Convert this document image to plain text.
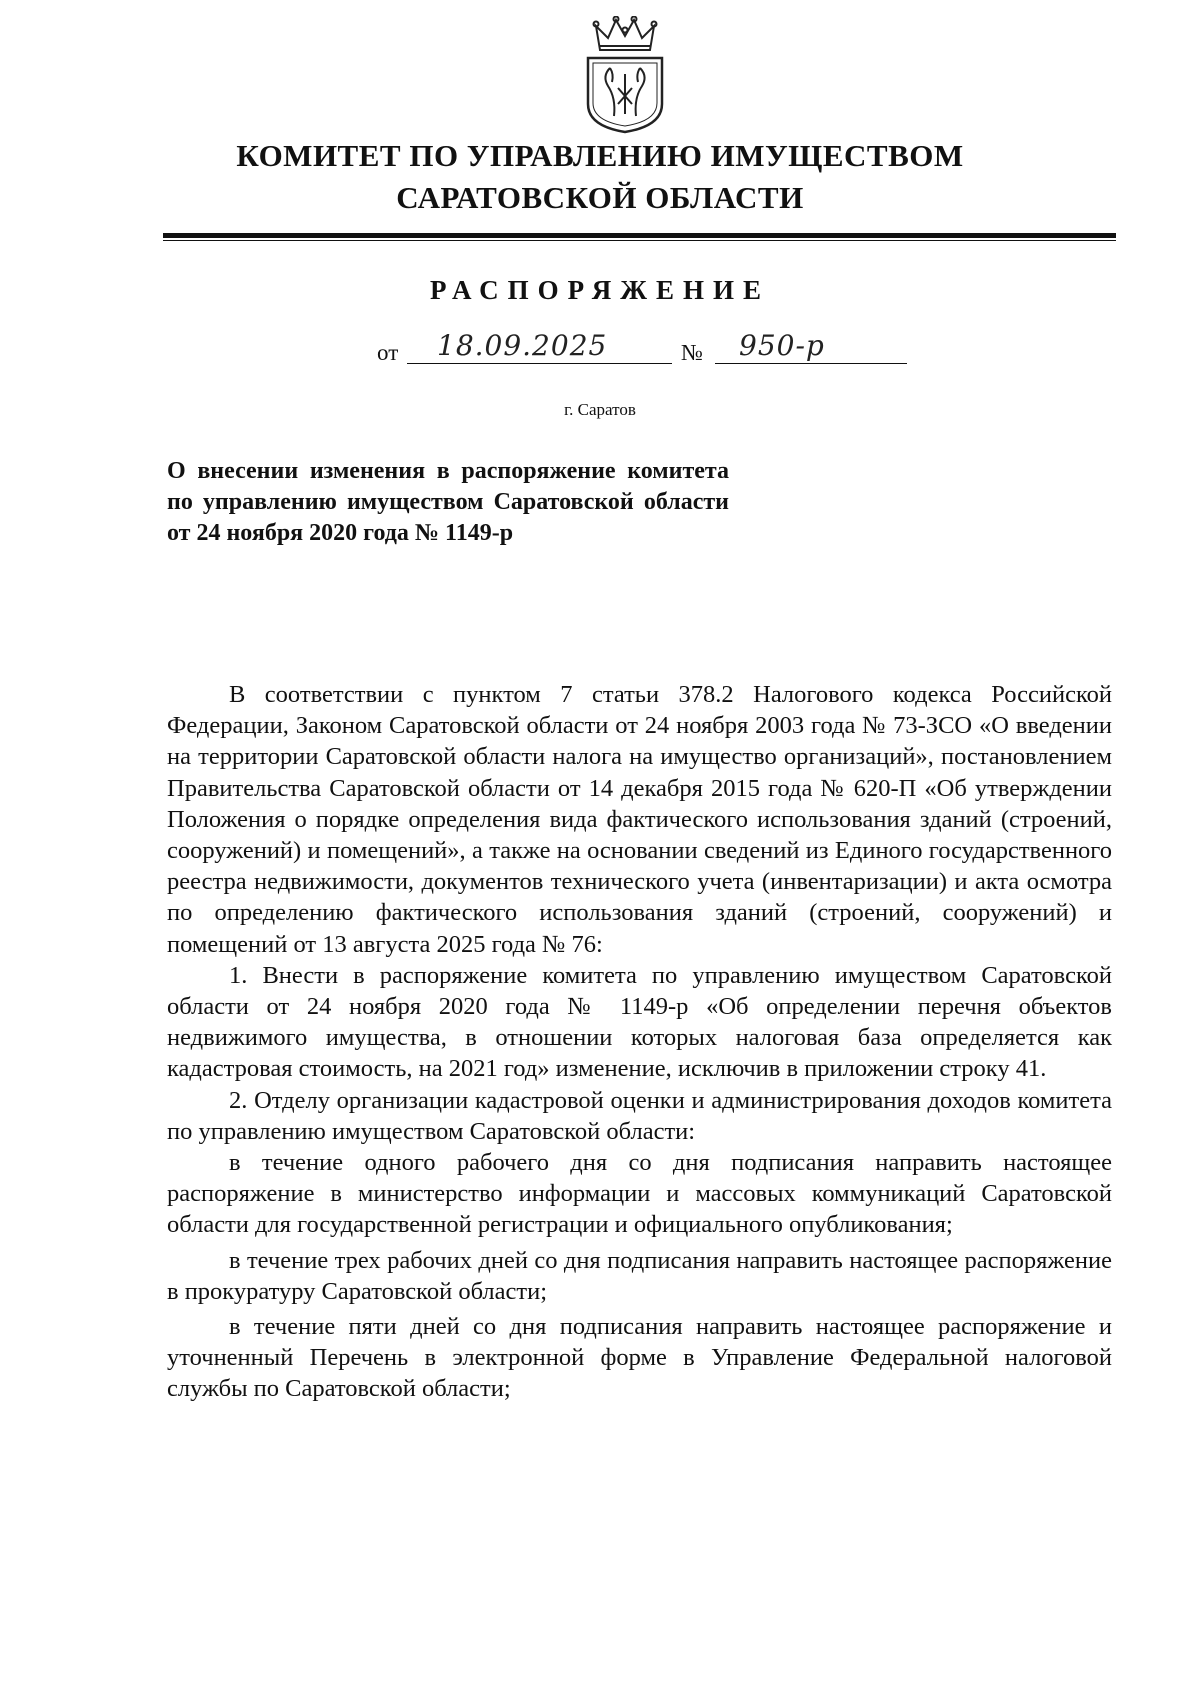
КОМИТЕТ ПО УПРАВЛЕНИЮ ИМУЩЕСТВОМ
САРАТОВСКОЙ ОБЛАСТИ
РАСПОРЯЖЕНИЕ
от 18.09.2025	№ 950-р
г. Саратов
О внесении изменения в распоряжение комитета по управлению имуществом Саратовской области от 24 ноября 2020 года № 1149-р

В соответствии с пунктом 7 статьи 378.2 Налогового кодекса Российской Федерации, Законом Саратовской области от 24 ноября 2003 года № 73-ЗСО «О введении на территории Саратовской области налога на имущество организаций», постановлением Правительства Саратовской области от 14 декабря 2015 года № 620-П «Об утверждении Положения о порядке определения вида фактического использования зданий (строений, сооружений) и помещений», а также на основании сведений из Единого государственного реестра недвижимости, документов технического учета (инвентаризации) и акта осмотра по определению фактического использования зданий (строений, сооружений) и помещений от 13 августа 2025 года № 76:

1. Внести в распоряжение комитета по управлению имуществом Саратовской области от 24 ноября 2020 года № 1149-р «Об определении перечня объектов недвижимого имущества, в отношении которых налоговая база определяется как кадастровая стоимость, на 2021 год» изменение, исключив в приложении строку 41.

2. Отделу организации кадастровой оценки и администрирования доходов комитета по управлению имуществом Саратовской области:

в течение одного рабочего дня со дня подписания направить настоящее распоряжение в министерство информации и массовых коммуникаций Саратовской области для государственной регистрации и официального опубликования;

в течение трех рабочих дней со дня подписания направить настоящее распоряжение в прокуратуру Саратовской области;

в течение пяти дней со дня подписания направить настоящее распоряжение и уточненный Перечень в электронной форме в Управление Федеральной налоговой службы по Саратовской области;
